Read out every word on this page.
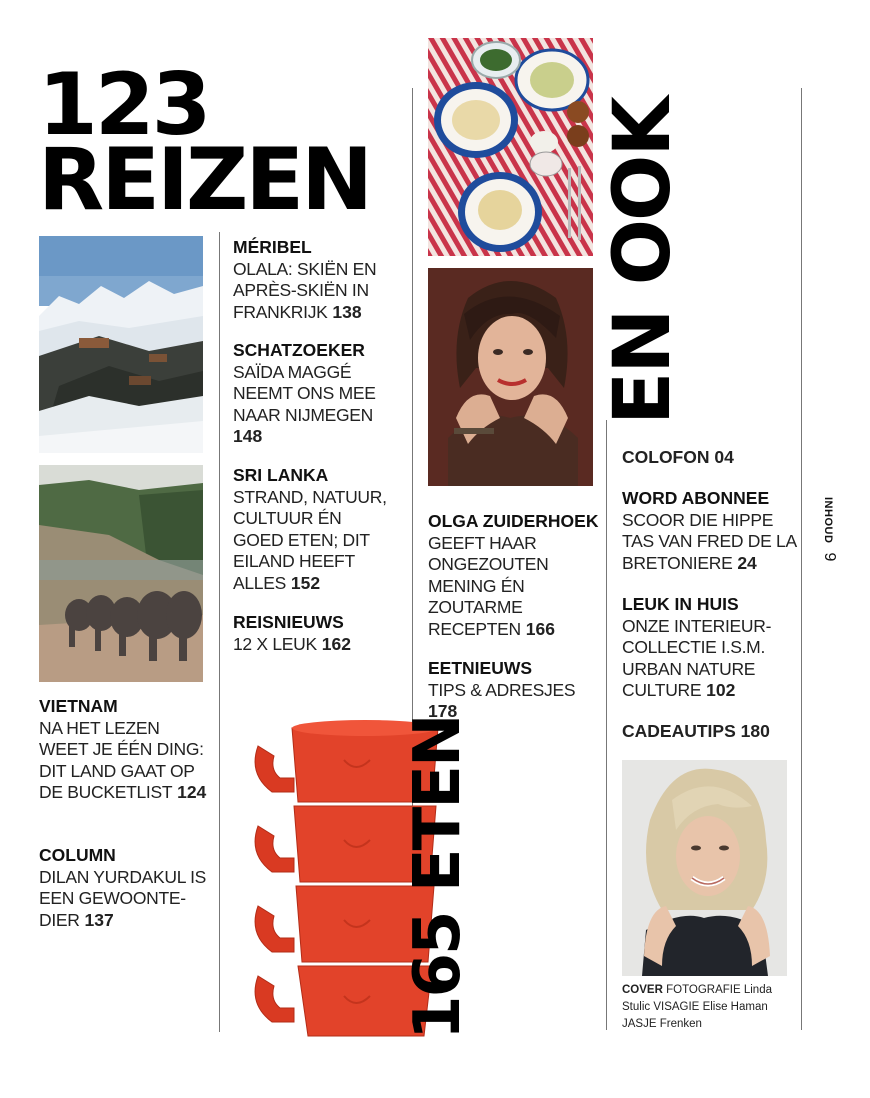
123
REIZEN
MÉRIBEL
OLALA: SKIËN EN APRÈS-SKIËN IN FRANKRIJK 138
SCHATZOEKER
SAÏDA MAGGÉ NEEMT ONS MEE NAAR NIJMEGEN 148
SRI LANKA
STRAND, NATUUR, CULTUUR ÉN GOED ETEN; DIT EILAND HEEFT ALLES 152
REISNIEUWS
12 X LEUK 162
VIETNAM
NA HET LEZEN WEET JE ÉÉN DING: DIT LAND GAAT OP DE BUCKETLIST 124
COLUMN
DILAN YURDAKUL IS EEN GEWOONTE-DIER 137	165 ETEN
EN OOK
OLGA ZUIDERHOEK
GEEFT HAAR ONGEZOUTEN MENING ÉN ZOUTARME RECEPTEN 166
EETNIEUWS
TIPS & ADRESJES 178
COLOFON 04
WORD ABONNEE
SCOOR DIE HIPPE TAS VAN FRED DE LA BRETONIERE 24
LEUK IN HUIS
ONZE INTERIEUR-COLLECTIE I.S.M. URBAN NATURE CULTURE 102
CADEAUTIPS 180
COVER FOTOGRAFIE Linda Stulic VISAGIE Elise Haman JASJE Frenken
INHOUD 9
